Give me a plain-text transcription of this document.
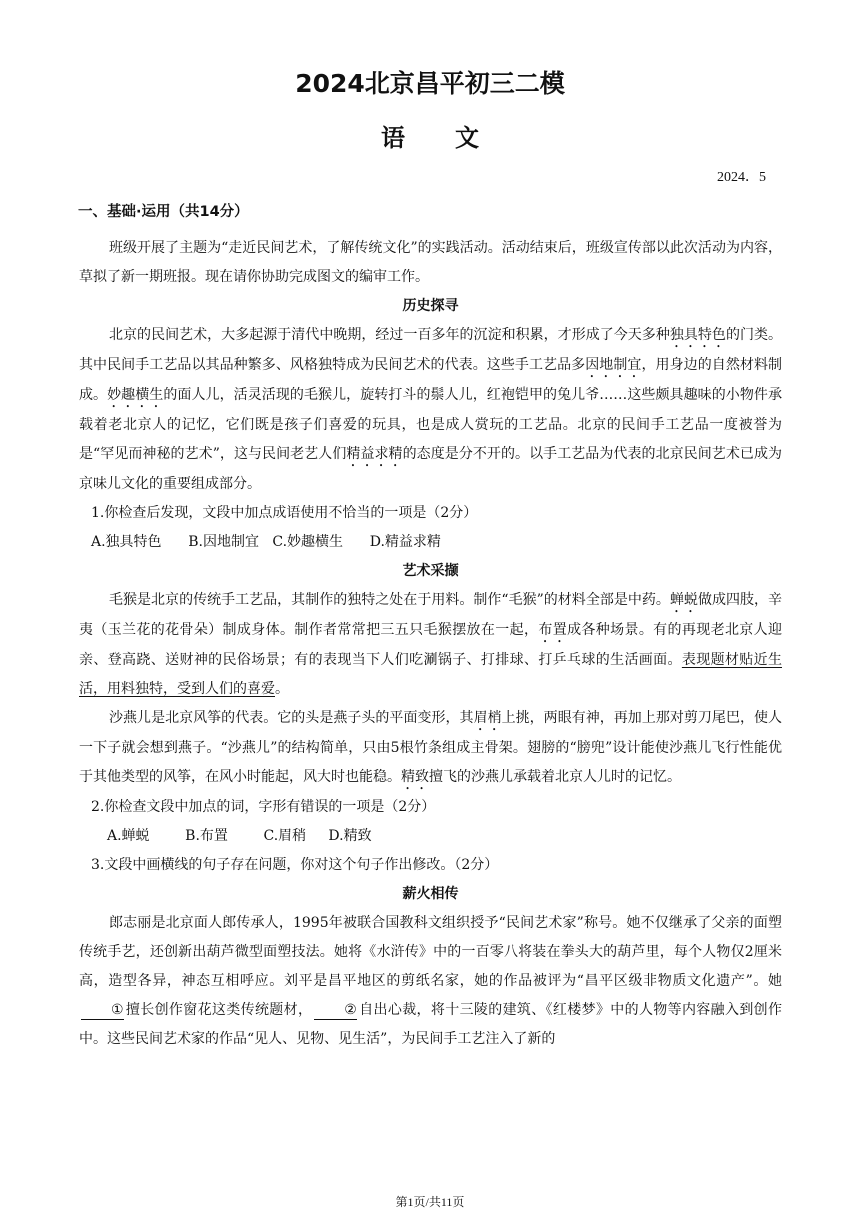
2024北京昌平初三二模
语文
2024．5
一、基础·运用（共14分）

班级开展了主题为“走近民间艺术，了解传统文化”的实践活动。活动结束后，班级宣传部以此次活动为内容，草拟了新一期班报。现在请你协助完成图文的编审工作。

历史探寻

北京的民间艺术，大多起源于清代中晚期，经过一百多年的沉淀和积累，才形成了今天多种独具特色的门类。其中民间手工艺品以其品种繁多、风格独特成为民间艺术的代表。这些手工艺品多因地制宜，用身边的自然材料制成。妙趣横生的面人儿，活灵活现的毛猴儿，旋转打斗的鬃人儿，红袍铠甲的兔儿爷……这些颇具趣味的小物件承载着老北京人的记忆，它们既是孩子们喜爱的玩具，也是成人赏玩的工艺品。北京的民间手工艺品一度被誉为是“罕见而神秘的艺术”，这与民间老艺人们精益求精的态度是分不开的。以手工艺品为代表的北京民间艺术已成为京味儿文化的重要组成部分。

1.你检查后发现，文段中加点成语使用不恰当的一项是（2分）

A.独具特色      B.因地制宜   C.妙趣横生      D.精益求精

艺术采撷

毛猴是北京的传统手工艺品，其制作的独特之处在于用料。制作“毛猴”的材料全部是中药。蝉蜕做成四肢，辛夷（玉兰花的花骨朵）制成身体。制作者常常把三五只毛猴摆放在一起，布置成各种场景。有的再现老北京人迎亲、登高跷、送财神的民俗场景；有的表现当下人们吃涮锅子、打排球、打乒乓球的生活画面。表现题材贴近生活，用料独特，受到人们的喜爱。

沙燕儿是北京风筝的代表。它的头是燕子头的平面变形，其眉梢上挑，两眼有神，再加上那对剪刀尾巴，使人一下子就会想到燕子。“沙燕儿”的结构简单，只由5根竹条组成主骨架。翅膀的“膀兜”设计能使沙燕儿飞行性能优于其他类型的风筝，在风小时能起，风大时也能稳。精致擅飞的沙燕儿承载着北京人儿时的记忆。

2.你检查文段中加点的词，字形有错误的一项是（2分）

A.蝉蜕        B.布置        C.眉稍     D.精致

3.文段中画横线的句子存在问题，你对这个句子作出修改。（2分）

薪火相传

郎志丽是北京面人郎传承人，1995年被联合国教科文组织授予“民间艺术家”称号。她不仅继承了父亲的面塑传统手艺，还创新出葫芦微型面塑技法。她将《水浒传》中的一百零八将装在拳头大的葫芦里，每个人物仅2厘米高，造型各异，神态互相呼应。刘平是昌平地区的剪纸名家，她的作品被评为“昌平区级非物质文化遗产”。她① 擅长创作窗花这类传统题材， ② 自出心裁，将十三陵的建筑、《红楼梦》中的人物等内容融入到创作中。这些民间艺术家的作品“见人、见物、见生活”，为民间手工艺注入了新的

第1页/共11页
